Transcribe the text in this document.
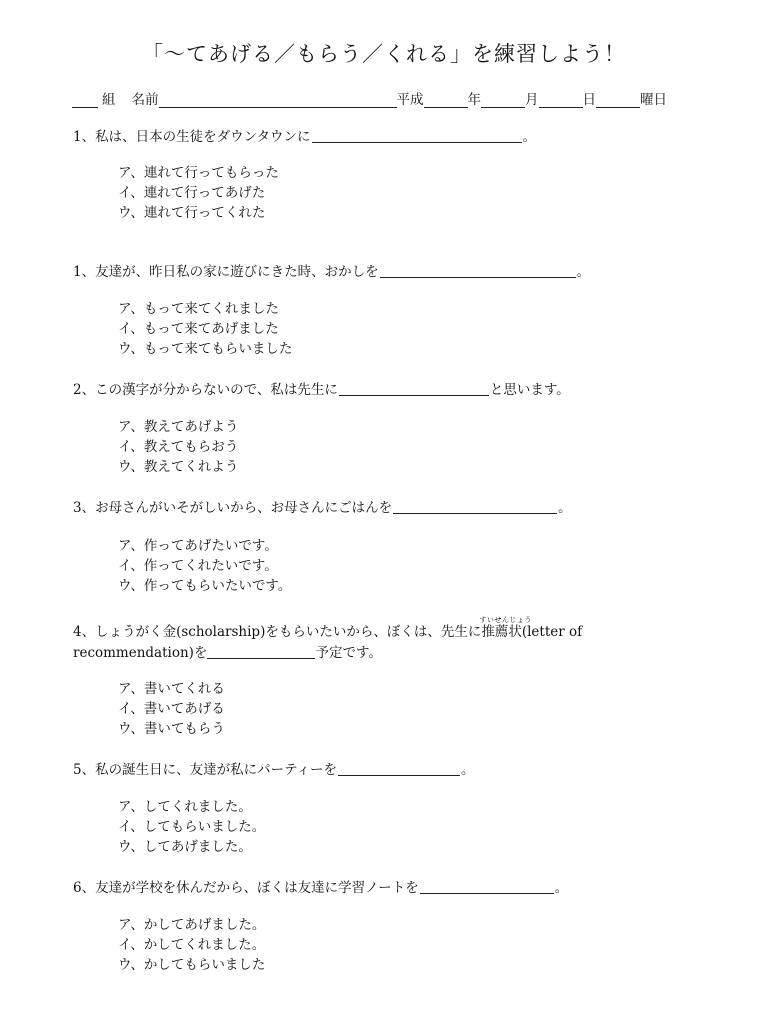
「〜てあげる／もらう／くれる」を練習しよう！
組 名前	平成	年	月	日	曜日
1、私は、日本の生徒をダウンタウンに	。
ア、連れて行ってもらった
イ、連れて行ってあげた
ウ、連れて行ってくれた
1、友達が、昨日私の家に遊びにきた時、おかしを	。
ア、もって来てくれました
イ、もって来てあげました
ウ、もって来てもらいました
2、この漢字が分からないので、私は先生に	と思います。
ア、教えてあげよう
イ、教えてもらおう
ウ、教えてくれよう
3、お母さんがいそがしいから、お母さんにごはんを	。
ア、作ってあげたいです。
イ、作ってくれたいです。
ウ、作ってもらいたいです。
4、しょうがく金(scholarship)をもらいたいから、ぼくは、先生に
すいせんじょう
推薦状(letter of
recommendation)を	予定です。
ア、書いてくれる
イ、書いてあげる
ウ、書いてもらう
5、私の誕生日に、友達が私にパーティーを	。
ア、してくれました。
イ、してもらいました。
ウ、してあげました。
6、友達が学校を休んだから、ぼくは友達に学習ノートを	。
ア、かしてあげました。
イ、かしてくれました。
ウ、かしてもらいました
